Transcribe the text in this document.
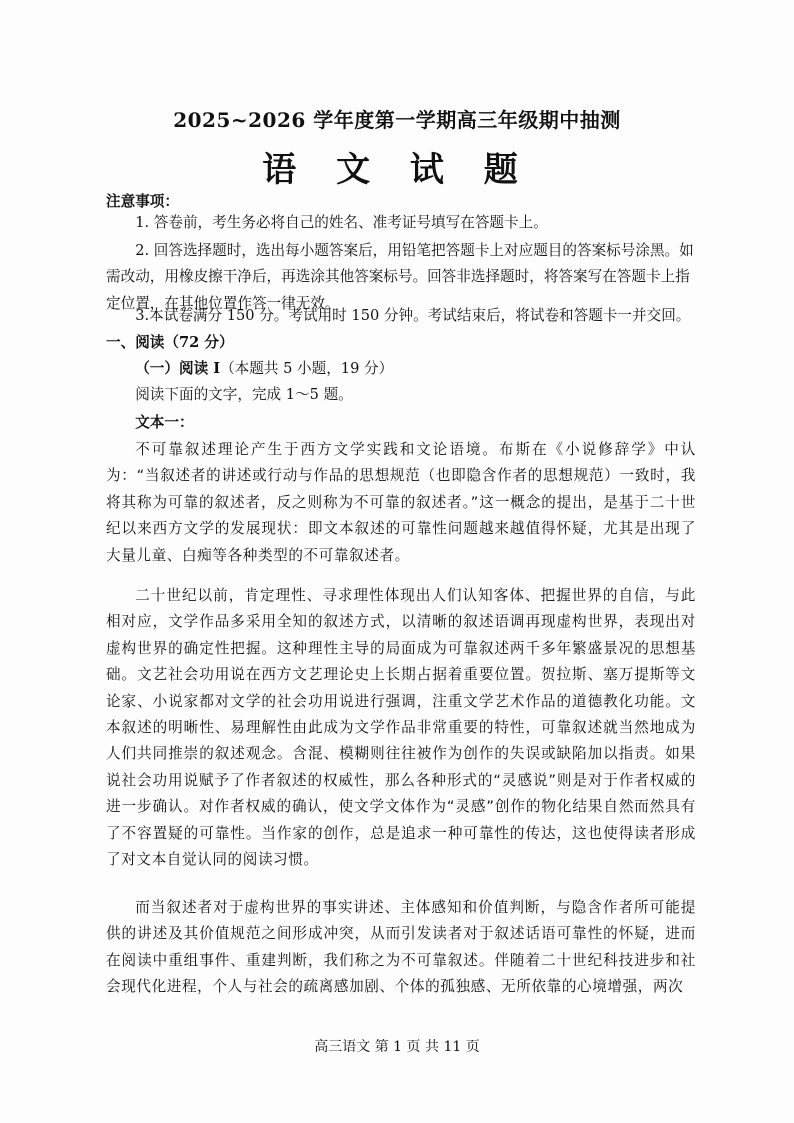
2025~2026 学年度第一学期高三年级期中抽测
语 文 试 题
注意事项：
1. 答卷前，考生务必将自己的姓名、准考证号填写在答题卡上。
2. 回答选择题时，选出每小题答案后，用铅笔把答题卡上对应题目的答案标号涂黑。如需改动，用橡皮擦干净后，再选涂其他答案标号。回答非选择题时，将答案写在答题卡上指定位置，在其他位置作答一律无效。
3.本试卷满分 150 分。考试用时 150 分钟。考试结束后，将试卷和答题卡一并交回。
一、阅读（72 分）
（一）阅读 I（本题共 5 小题，19 分）
阅读下面的文字，完成 1～5 题。
文本一：
不可靠叙述理论产生于西方文学实践和文论语境。布斯在《小说修辞学》中认为：“当叙述者的讲述或行动与作品的思想规范（也即隐含作者的思想规范）一致时，我将其称为可靠的叙述者，反之则称为不可靠的叙述者。”这一概念的提出，是基于二十世纪以来西方文学的发展现状：即文本叙述的可靠性问题越来越值得怀疑，尤其是出现了大量儿童、白痴等各种类型的不可靠叙述者。
二十世纪以前，肯定理性、寻求理性体现出人们认知客体、把握世界的自信，与此相对应，文学作品多采用全知的叙述方式，以清晰的叙述语调再现虚构世界，表现出对虚构世界的确定性把握。这种理性主导的局面成为可靠叙述两千多年繁盛景况的思想基础。文艺社会功用说在西方文艺理论史上长期占据着重要位置。贺拉斯、塞万提斯等文论家、小说家都对文学的社会功用说进行强调，注重文学艺术作品的道德教化功能。文本叙述的明晰性、易理解性由此成为文学作品非常重要的特性，可靠叙述就当然地成为人们共同推崇的叙述观念。含混、模糊则往往被作为创作的失误或缺陷加以指责。如果说社会功用说赋予了作者叙述的权威性，那么各种形式的“灵感说”则是对于作者权威的进一步确认。对作者权威的确认，使文学文体作为“灵感”创作的物化结果自然而然具有了不容置疑的可靠性。当作家的创作，总是追求一种可靠性的传达，这也使得读者形成了对文本自觉认同的阅读习惯。
而当叙述者对于虚构世界的事实讲述、主体感知和价值判断，与隐含作者所可能提供的讲述及其价值规范之间形成冲突，从而引发读者对于叙述话语可靠性的怀疑，进而在阅读中重组事件、重建判断，我们称之为不可靠叙述。伴随着二十世纪科技进步和社会现代化进程，个人与社会的疏离感加剧、个体的孤独感、无所依靠的心境增强，两次
高三语文 第 1 页 共 11 页
